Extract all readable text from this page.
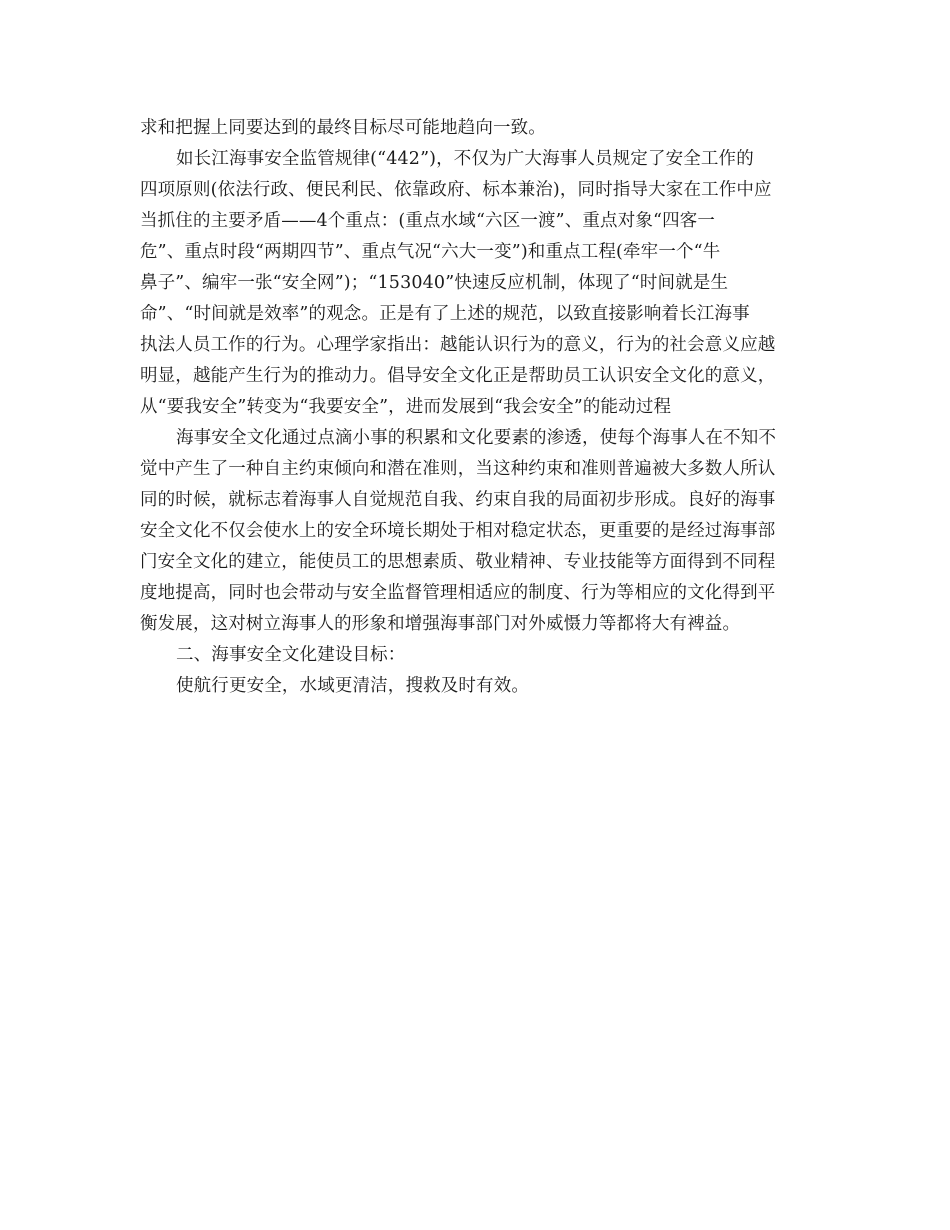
求和把握上同要达到的最终目标尽可能地趋向一致。
如长江海事安全监管规律(“442”)，不仅为广大海事人员规定了安全工作的
四项原则(依法行政、便民利民、依靠政府、标本兼治)，同时指导大家在工作中应
当抓住的主要矛盾——4个重点：(重点水域“六区一渡”、重点对象“四客一
危”、重点时段“两期四节”、重点气况“六大一变”)和重点工程(牵牢一个“牛
鼻子”、编牢一张“安全网”)；“153040”快速反应机制，体现了“时间就是生
命”、“时间就是效率”的观念。正是有了上述的规范，以致直接影响着长江海事
执法人员工作的行为。心理学家指出：越能认识行为的意义，行为的社会意义应越
明显，越能产生行为的推动力。倡导安全文化正是帮助员工认识安全文化的意义，
从“要我安全”转变为“我要安全”，进而发展到“我会安全”的能动过程
海事安全文化通过点滴小事的积累和文化要素的渗透，使每个海事人在不知不
觉中产生了一种自主约束倾向和潜在准则，当这种约束和准则普遍被大多数人所认
同的时候，就标志着海事人自觉规范自我、约束自我的局面初步形成。良好的海事
安全文化不仅会使水上的安全环境长期处于相对稳定状态，更重要的是经过海事部
门安全文化的建立，能使员工的思想素质、敬业精神、专业技能等方面得到不同程
度地提高，同时也会带动与安全监督管理相适应的制度、行为等相应的文化得到平
衡发展，这对树立海事人的形象和增强海事部门对外威慑力等都将大有裨益。
二、海事安全文化建设目标：
使航行更安全，水域更清洁，搜救及时有效。
